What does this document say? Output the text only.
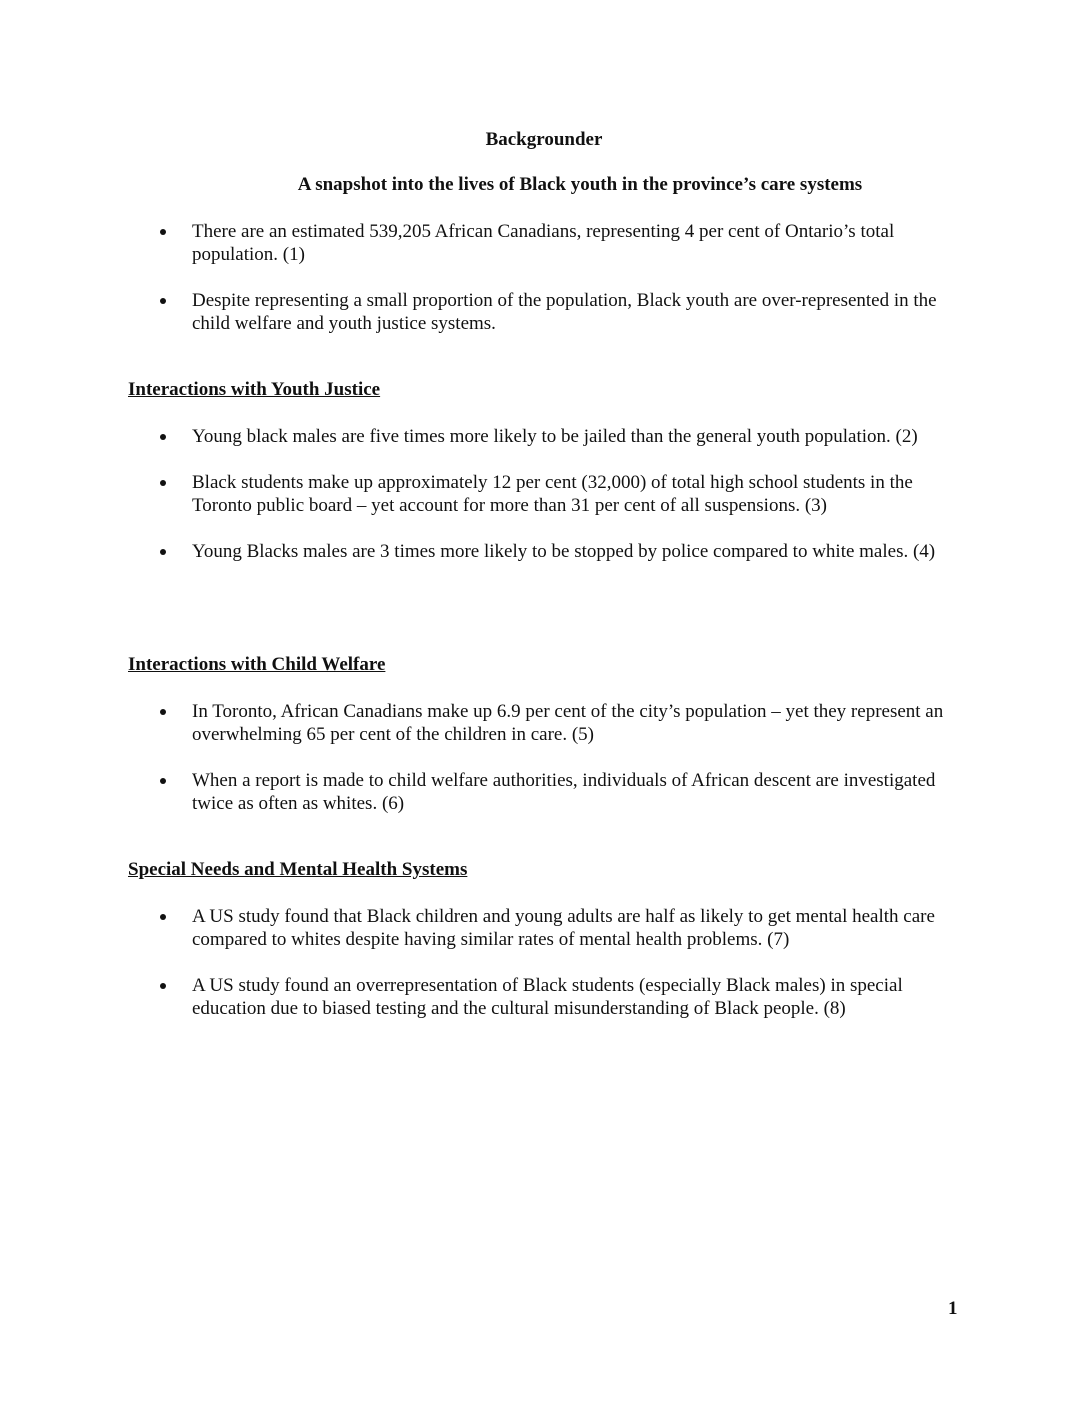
Backgrounder
A snapshot into the lives of Black youth in the province’s care systems
There are an estimated 539,205 African Canadians, representing 4 per cent of Ontario’s total population. (1)
Despite representing a small proportion of the population, Black youth are over-represented in the child welfare and youth justice systems.
Interactions with Youth Justice
Young black males are five times more likely to be jailed than the general youth population. (2)
Black students make up approximately 12 per cent (32,000) of total high school students in the Toronto public board – yet account for more than 31 per cent of all suspensions. (3)
Young Blacks males are 3 times more likely to be stopped by police compared to white males. (4)
Interactions with Child Welfare
In Toronto, African Canadians make up 6.9 per cent of the city’s population – yet they represent an overwhelming 65 per cent of the children in care. (5)
When a report is made to child welfare authorities, individuals of African descent are investigated twice as often as whites. (6)
Special Needs and Mental Health Systems
A US study found that Black children and young adults are half as likely to get mental health care compared to whites despite having similar rates of mental health problems. (7)
A US study found an overrepresentation of Black students (especially Black males) in special education due to biased testing and the cultural misunderstanding of Black people. (8)
1
